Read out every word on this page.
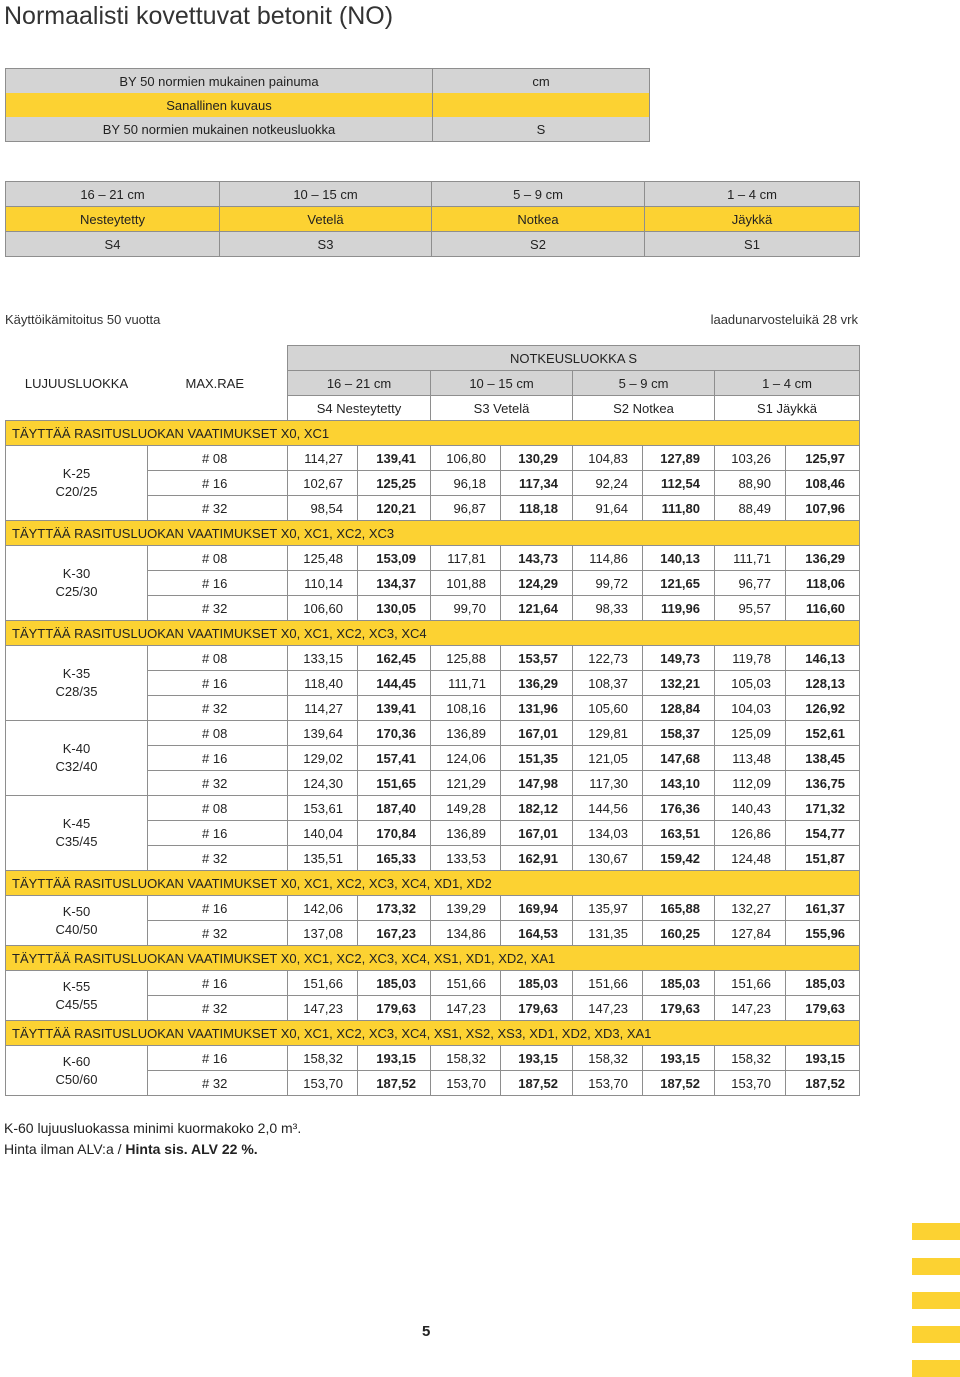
Normaalisti kovettuvat betonit (NO)
BY 50 normien mukainen painuma	cm
Sanallinen kuvaus	
BY 50 normien mukainen notkeusluokka	S
16 – 21 cm	10 – 15 cm	5 – 9 cm	1 – 4 cm
Nesteytetty	Vetelä	Notkea	Jäykkä
S4	S3	S2	S1
Käyttöikämitoitus 50 vuotta	laadunarvosteluikä 28 vrk
		NOTKEUSLUOKKA S							
LUJUUSLUOKKA	MAX.RAE	16 – 21 cm		10 – 15 cm		5 – 9 cm		1 – 4 cm	
		S4 Nesteytetty		S3 Vetelä		S2 Notkea		S1 Jäykkä	
TÄYTTÄÄ RASITUSLUOKAN VAATIMUKSET X0, XC1									

K-25
C20/25	# 08	114,27	139,41	106,80	130,29	104,83	127,89	103,26	125,97
	# 16	102,67	125,25	96,18	117,34	92,24	112,54	88,90	108,46
	# 32	98,54	120,21	96,87	118,18	91,64	111,80	88,49	107,96
TÄYTTÄÄ RASITUSLUOKAN VAATIMUKSET X0, XC1, XC2, XC3									

K-30
C25/30	# 08	125,48	153,09	117,81	143,73	114,86	140,13	111,71	136,29
	# 16	110,14	134,37	101,88	124,29	99,72	121,65	96,77	118,06
	# 32	106,60	130,05	99,70	121,64	98,33	119,96	95,57	116,60
TÄYTTÄÄ RASITUSLUOKAN VAATIMUKSET X0, XC1, XC2, XC3, XC4									

K-35
C28/35	# 08	133,15	162,45	125,88	153,57	122,73	149,73	119,78	146,13
	# 16	118,40	144,45	111,71	136,29	108,37	132,21	105,03	128,13
	# 32	114,27	139,41	108,16	131,96	105,60	128,84	104,03	126,92

K-40
C32/40	# 08	139,64	170,36	136,89	167,01	129,81	158,37	125,09	152,61
	# 16	129,02	157,41	124,06	151,35	121,05	147,68	113,48	138,45
	# 32	124,30	151,65	121,29	147,98	117,30	143,10	112,09	136,75

K-45
C35/45	# 08	153,61	187,40	149,28	182,12	144,56	176,36	140,43	171,32
	# 16	140,04	170,84	136,89	167,01	134,03	163,51	126,86	154,77
	# 32	135,51	165,33	133,53	162,91	130,67	159,42	124,48	151,87
TÄYTTÄÄ RASITUSLUOKAN VAATIMUKSET X0, XC1, XC2, XC3, XC4, XD1, XD2									

K-50
C40/50	# 16	142,06	173,32	139,29	169,94	135,97	165,88	132,27	161,37
	# 32	137,08	167,23	134,86	164,53	131,35	160,25	127,84	155,96
TÄYTTÄÄ RASITUSLUOKAN VAATIMUKSET X0, XC1, XC2, XC3, XC4, XS1, XD1, XD2, XA1									

K-55
C45/55	# 16	151,66	185,03	151,66	185,03	151,66	185,03	151,66	185,03
	# 32	147,23	179,63	147,23	179,63	147,23	179,63	147,23	179,63
TÄYTTÄÄ RASITUSLUOKAN VAATIMUKSET X0, XC1, XC2, XC3, XC4, XS1, XS2, XS3, XD1, XD2, XD3, XA1									

K-60
C50/60	# 16	158,32	193,15	158,32	193,15	158,32	193,15	158,32	193,15
	# 32	153,70	187,52	153,70	187,52	153,70	187,52	153,70	187,52
K-60 lujuusluokassa minimi kuormakoko 2,0 m³.
Hinta ilman ALV:a / Hinta sis. ALV 22 %.
5
